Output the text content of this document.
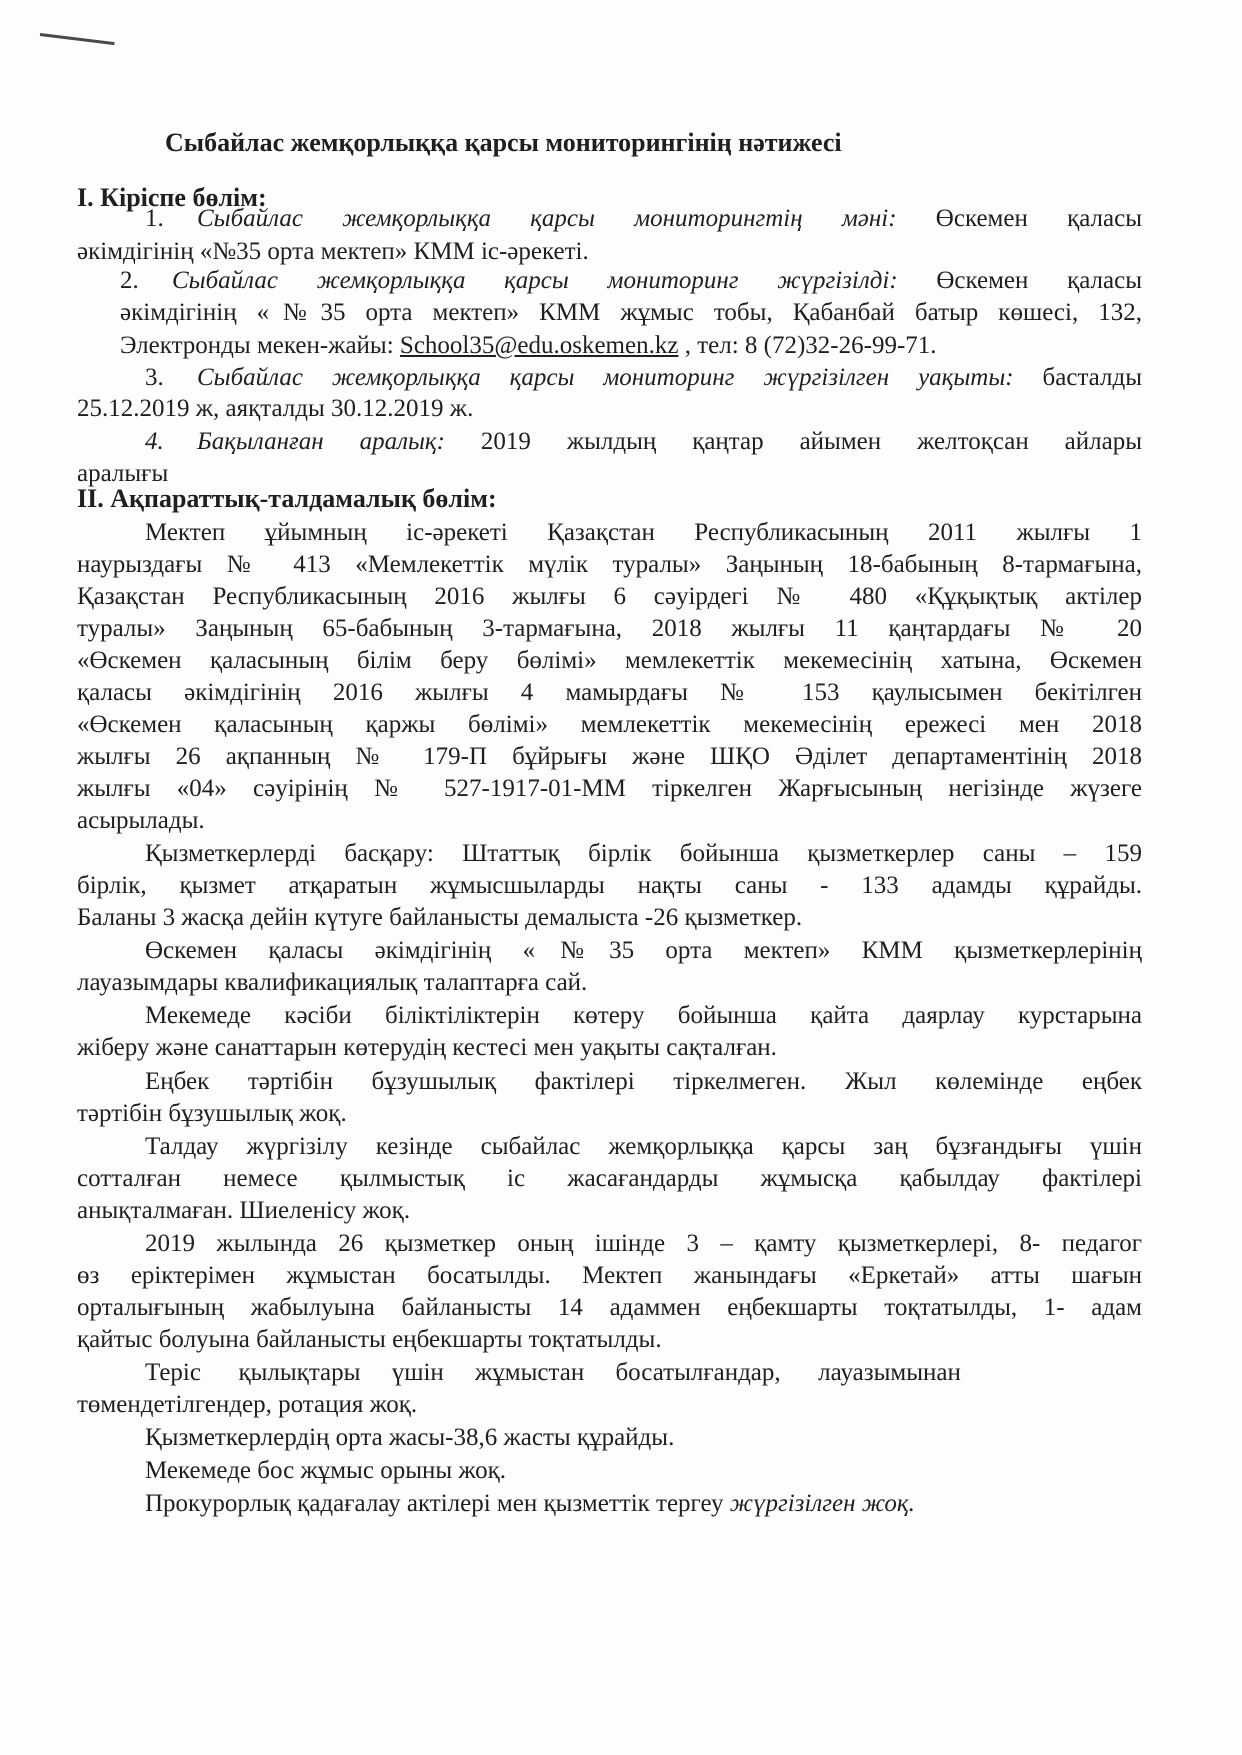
Сыбайлас жемқорлыққа қарсы мониторингінің нәтижесі
I. Кіріспе бөлім:
1. Сыбайлас жемқорлыққа қарсы мониторингтің мәні: Өскемен қаласы
әкімдігінің «№35 орта мектеп» КММ іс-әрекеті.
2. Сыбайлас жемқорлыққа қарсы мониторинг жүргізілді: Өскемен қаласы
әкімдігінің «№35 орта мектеп» КММ жұмыс тобы, Қабанбай батыр көшесі, 132,
Электронды мекен-жайы: School35@edu.oskemen.kz , тел: 8 (72)32-26-99-71.
3. Сыбайлас жемқорлыққа қарсы мониторинг жүргізілген уақыты: басталды
25.12.2019 ж, аяқталды 30.12.2019 ж.
4. Бақыланған аралық: 2019 жылдың қаңтар айымен желтоқсан айлары
аралығы
II. Ақпараттық-талдамалық бөлім:
Мектеп ұйымның іс-әрекеті Қазақстан Республикасының 2011 жылғы 1
наурыздағы № 413 «Мемлекеттік мүлік туралы» Заңының 18-бабының 8-тармағына,
Қазақстан Республикасының 2016 жылғы 6 сәуірдегі № 480 «Құқықтық актілер
туралы» Заңының 65-бабының 3-тармағына, 2018 жылғы 11 қаңтардағы № 20
«Өскемен қаласының білім беру бөлімі» мемлекеттік мекемесінің хатына, Өскемен
қаласы әкімдігінің 2016 жылғы 4 мамырдағы № 153 қаулысымен бекітілген
«Өскемен қаласының қаржы бөлімі» мемлекеттік мекемесінің ережесі мен 2018
жылғы 26 ақпанның № 179-П бұйрығы және ШҚО Әділет департаментінің 2018
жылғы «04» сәуірінің № 527-1917-01-ММ тіркелген Жарғысының негізінде жүзеге
асырылады.
Қызметкерлерді басқару: Штаттық бірлік бойынша қызметкерлер саны – 159
бірлік, қызмет атқаратын жұмысшыларды нақты саны - 133 адамды құрайды.
Баланы 3 жасқа дейін күтуге байланысты демалыста -26 қызметкер.
Өскемен қаласы әкімдігінің «№35 орта мектеп» КММ қызметкерлерінің
лауазымдары квалификациялық талаптарға сай.
Мекемеде кәсіби біліктіліктерін көтеру бойынша қайта даярлау курстарына
жіберу және санаттарын көтерудің кестесі мен уақыты сақталған.
Еңбек тәртібін бұзушылық фактілері тіркелмеген. Жыл көлемінде еңбек
тәртібін бұзушылық жоқ.
Талдау жүргізілу кезінде сыбайлас жемқорлыққа қарсы заң бұзғандығы үшін
сотталған немесе қылмыстық іс жасағандарды жұмысқа қабылдау фактілері
анықталмаған. Шиеленісу жоқ.
2019 жылында 26 қызметкер оның ішінде 3 – қамту қызметкерлері, 8- педагог
өз еріктерімен жұмыстан босатылды. Мектеп жанындағы «Еркетай» атты шағын
орталығының жабылуына байланысты 14 адаммен еңбекшарты тоқтатылды, 1- адам
қайтыс болуына байланысты еңбекшарты тоқтатылды.
Теріс      қылықтары     үшін     жұмыстан     босатылғандар,      лауазымынан
төмендетілгендер, ротация жоқ.
Қызметкерлердің орта жасы-38,6 жасты құрайды.
Мекемеде бос жұмыс орыны жоқ.
Прокурорлық қадағалау актілері мен қызметтік тергеу жүргізілген жоқ.
